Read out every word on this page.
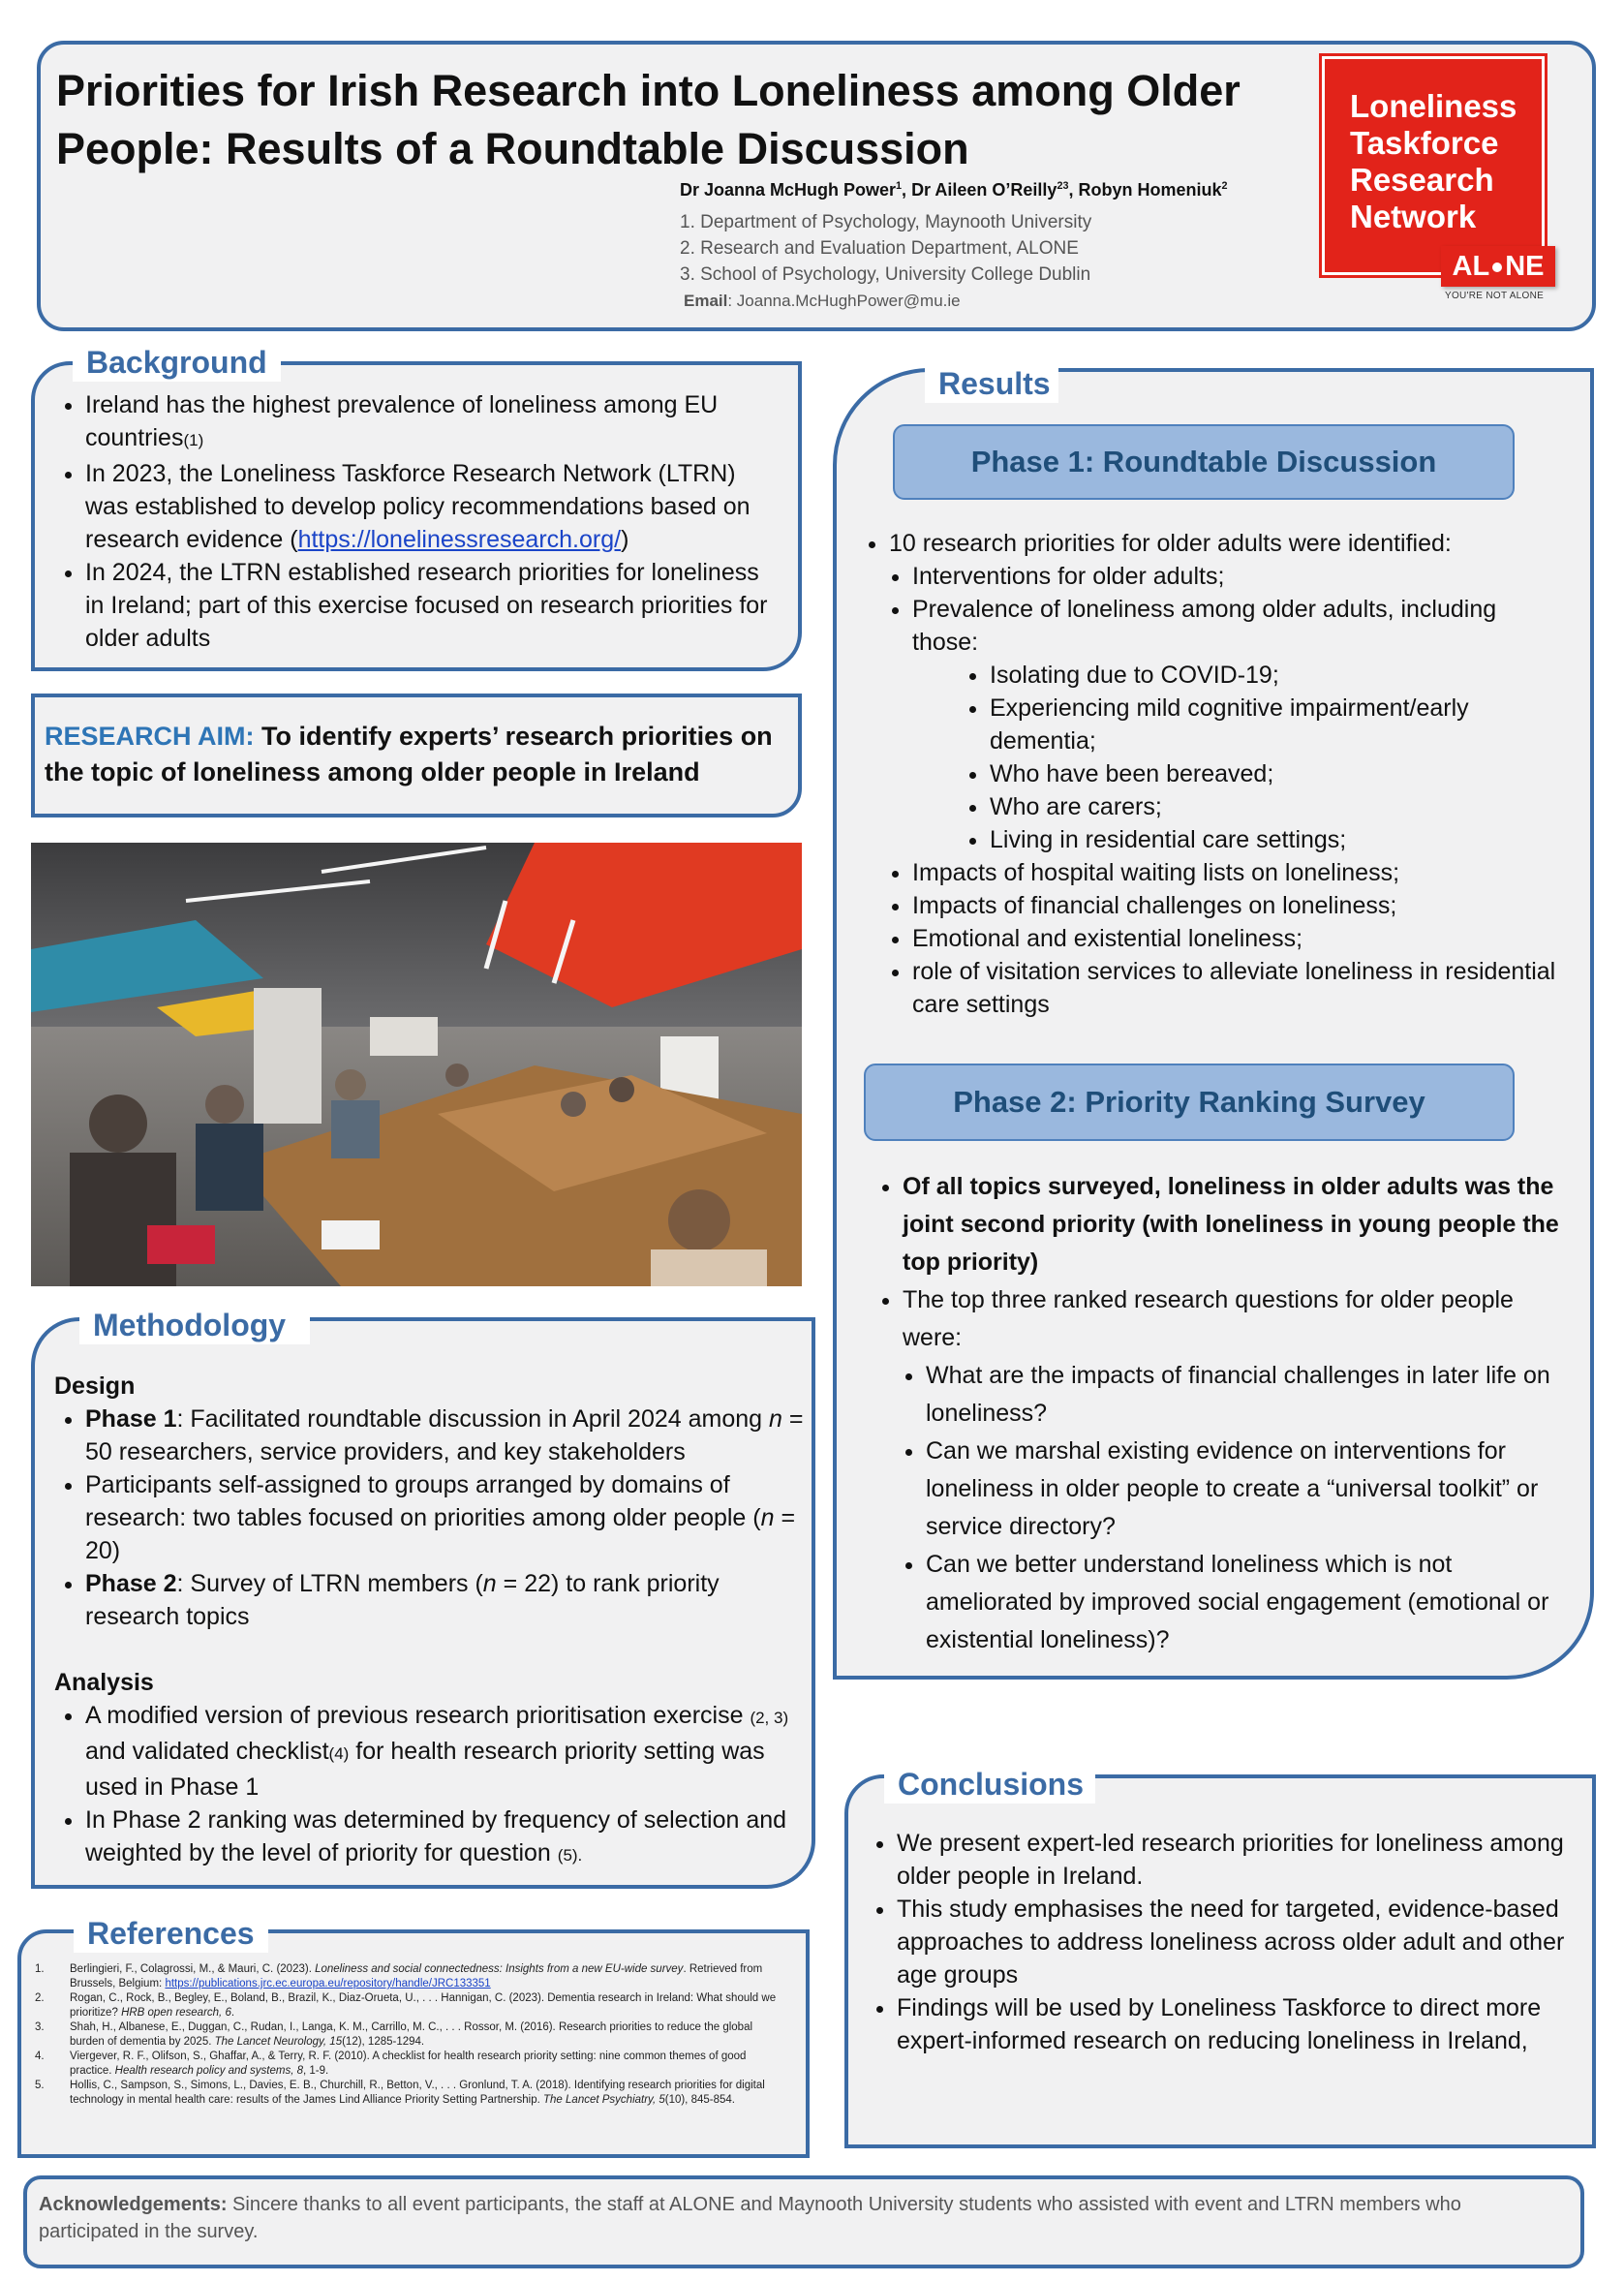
Priorities for Irish Research into Loneliness among Older People: Results of a Roundtable Discussion
Dr Joanna McHugh Power$^1$, Dr Aileen O’Reilly$^{23}$, Robyn Homeniuk$^2$
1. Department of Psychology, Maynooth University
2. Research and Evaluation Department, ALONE
3. School of Psychology, University College Dublin
Email: Joanna.McHughPower@mu.ie
Loneliness
Taskforce
Research
Network
AL NE
YOU'RE NOT ALONE
• Ireland has the highest prevalence of loneliness among EU countries(1)
• In 2023, the Loneliness Taskforce Research Network (LTRN) was established to develop policy recommendations based on research evidence (https://lonelinessresearch.org/)
• In 2024, the LTRN established research priorities for loneliness in Ireland; part of this exercise focused on research priorities for older adults
Background
RESEARCH AIM: To identify experts’ research priorities on the topic of loneliness among older people in Ireland
Design
• Phase 1: Facilitated roundtable discussion in April 2024 among n = 50 researchers, service providers, and key stakeholders
• Participants self-assigned to groups arranged by domains of research: two tables focused on priorities among older people (n = 20)
• Phase 2: Survey of LTRN members (n = 22) to rank priority research topics
Analysis
• A modified version of previous research prioritisation exercise (2, 3) and validated checklist(4) for health research priority setting was used in Phase 1
• In Phase 2 ranking was determined by frequency of selection and weighted by the level of priority for question (5).
Methodology
1.	Berlingieri, F., Colagrossi, M., & Mauri, C. (2023). Loneliness and social connectedness: Insights from a new EU-wide survey. Retrieved from Brussels, Belgium: https://publications.jrc.ec.europa.eu/repository/handle/JRC133351
2.	Rogan, C., Rock, B., Begley, E., Boland, B., Brazil, K., Diaz-Orueta, U., . . . Hannigan, C. (2023). Dementia research in Ireland: What should we prioritize? HRB open research, 6.
3.	Shah, H., Albanese, E., Duggan, C., Rudan, I., Langa, K. M., Carrillo, M. C., . . . Rossor, M. (2016). Research priorities to reduce the global burden of dementia by 2025. The Lancet Neurology, 15(12), 1285-1294.
4.	Viergever, R. F., Olifson, S., Ghaffar, A., & Terry, R. F. (2010). A checklist for health research priority setting: nine common themes of good practice. Health research policy and systems, 8, 1-9.
5.	Hollis, C., Sampson, S., Simons, L., Davies, E. B., Churchill, R., Betton, V., . . . Gronlund, T. A. (2018). Identifying research priorities for digital technology in mental health care: results of the James Lind Alliance Priority Setting Partnership. The Lancet Psychiatry, 5(10), 845-854.
References
Phase 1: Roundtable Discussion
• 10 research priorities for older adults were identified:
• Interventions for older adults;
• Prevalence of loneliness among older adults, including those:
• Isolating due to COVID-19;
• Experiencing mild cognitive impairment/early dementia;
• Who have been bereaved;
• Who are carers;
• Living in residential care settings;
• Impacts of hospital waiting lists on loneliness;
• Impacts of financial challenges on loneliness;
• Emotional and existential loneliness;
• role of visitation services to alleviate loneliness in residential care settings
Phase 2: Priority Ranking Survey
• Of all topics surveyed, loneliness in older adults was the joint second priority (with loneliness in young people the top priority)
• The top three ranked research questions for older people were:
• What are the impacts of financial challenges in later life on loneliness?
• Can we marshal existing evidence on interventions for loneliness in older people to create a “universal toolkit” or service directory?
• Can we better understand loneliness which is not ameliorated by improved social engagement (emotional or existential loneliness)?
Results
• We present expert-led research priorities for loneliness among older people in Ireland.
• This study emphasises the need for targeted, evidence-based approaches to address loneliness across older adult and other age groups
• Findings will be used by Loneliness Taskforce to direct more expert-informed research on reducing loneliness in Ireland,
Conclusions
Acknowledgements: Sincere thanks to all event participants, the staff at ALONE and Maynooth University students who assisted with event and LTRN members who participated in the survey.
